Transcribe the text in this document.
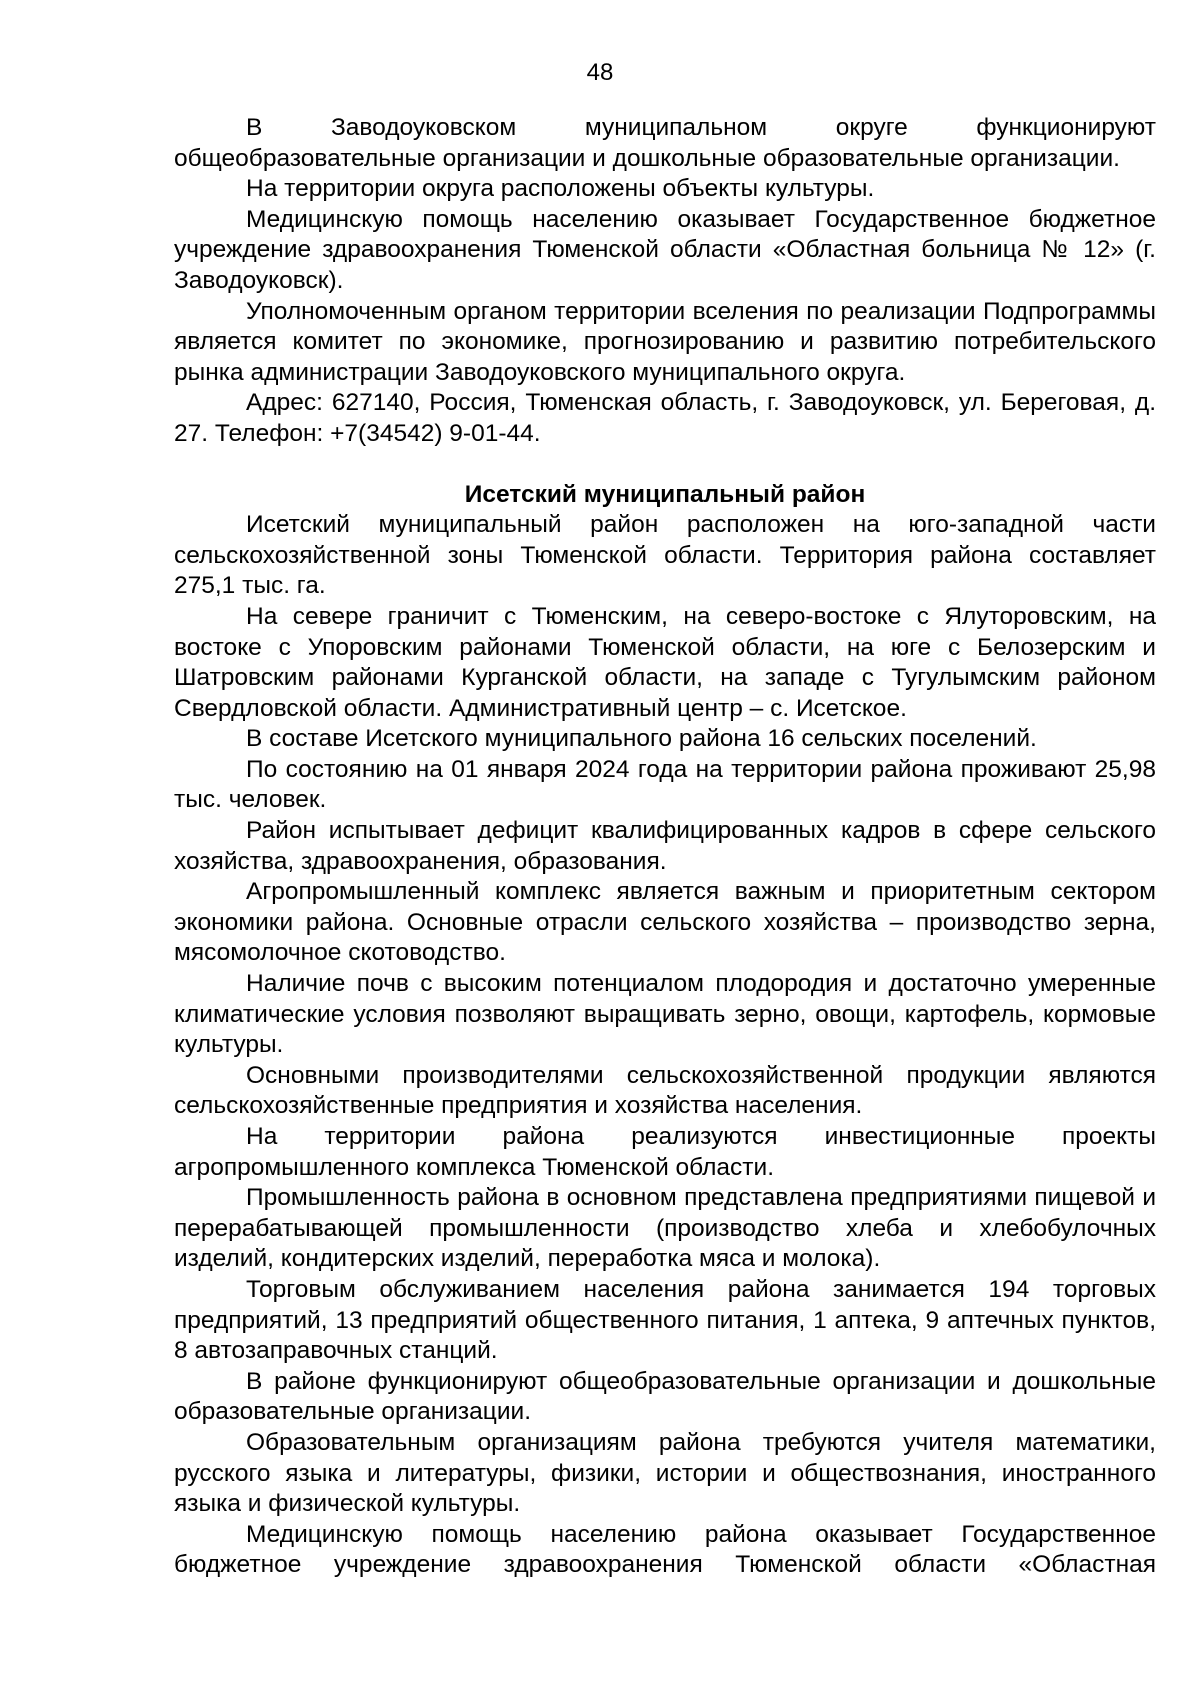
48

В Заводоуковском муниципальном округе функционируют общеобразовательные организации и дошкольные образовательные организации.

На территории округа расположены объекты культуры.

Медицинскую помощь населению оказывает Государственное бюджетное учреждение здравоохранения Тюменской области «Областная больница № 12» (г. Заводоуковск).

Уполномоченным органом территории вселения по реализации Подпрограммы является комитет по экономике, прогнозированию и развитию потребительского рынка администрации Заводоуковского муниципального округа.

Адрес: 627140, Россия, Тюменская область, г. Заводоуковск, ул. Береговая, д. 27. Телефон: +7(34542) 9-01-44.

Исетский муниципальный район

Исетский муниципальный район расположен на юго-западной части сельскохозяйственной зоны Тюменской области. Территория района составляет 275,1 тыс. га.

На севере граничит с Тюменским, на северо-востоке с Ялуторовским, на востоке с Упоровским районами Тюменской области, на юге с Белозерским и Шатровским районами Курганской области, на западе с Тугулымским районом Свердловской области. Административный центр – с. Исетское.

В составе Исетского муниципального района 16 сельских поселений.

По состоянию на 01 января 2024 года на территории района проживают 25,98 тыс. человек.

Район испытывает дефицит квалифицированных кадров в сфере сельского хозяйства, здравоохранения, образования.

Агропромышленный комплекс является важным и приоритетным сектором экономики района. Основные отрасли сельского хозяйства – производство зерна, мясомолочное скотоводство.

Наличие почв с высоким потенциалом плодородия и достаточно умеренные климатические условия позволяют выращивать зерно, овощи, картофель, кормовые культуры.

Основными производителями сельскохозяйственной продукции являются сельскохозяйственные предприятия и хозяйства населения.

На территории района реализуются инвестиционные проекты агропромышленного комплекса Тюменской области.

Промышленность района в основном представлена предприятиями пищевой и перерабатывающей промышленности (производство хлеба и хлебобулочных изделий, кондитерских изделий, переработка мяса и молока).

Торговым обслуживанием населения района занимается 194 торговых предприятий, 13 предприятий общественного питания, 1 аптека, 9 аптечных пунктов, 8 автозаправочных станций.

В районе функционируют общеобразовательные организации и дошкольные образовательные организации.

Образовательным организациям района требуются учителя математики, русского языка и литературы, физики, истории и обществознания, иностранного языка и физической культуры.

Медицинскую помощь населению района оказывает Государственное бюджетное учреждение здравоохранения Тюменской области «Областная
